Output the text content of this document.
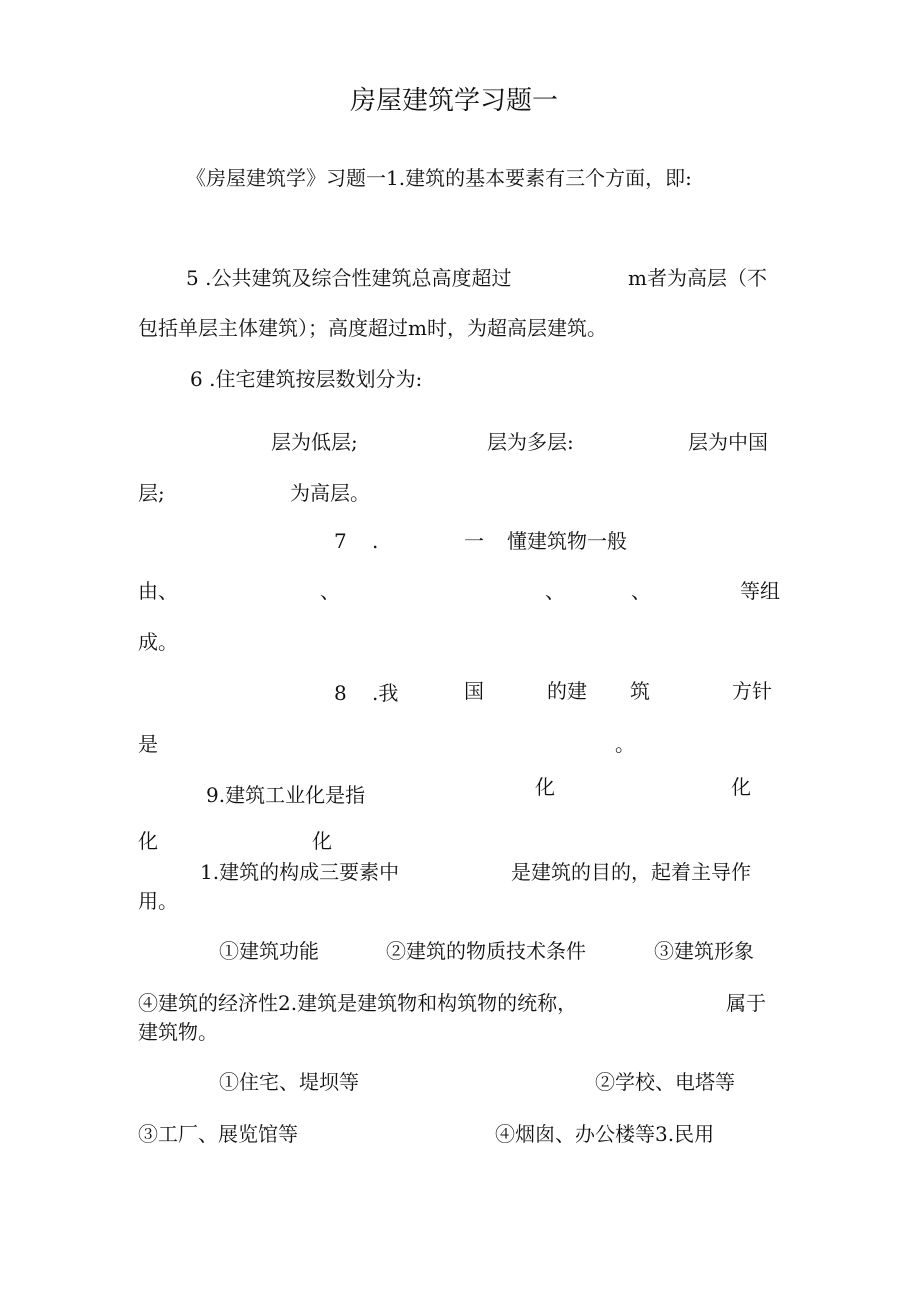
房屋建筑学习题一
《房屋建筑学》习题一1.建筑的基本要素有三个方面，即:
5 .公共建筑及综合性建筑总高度超过	m者为高层（不
包括单层主体建筑）；高度超过m时，为超高层建筑。
6 .住宅建筑按层数划分为:
层为低层;	层为多层:	层为中国
层;	为高层。
7 .	一 懂建筑物一般
由、	、	、	、	等组
成。
8 .我	国	的建 筑	方针
是	。
9.建筑工业化是指	化	化
化	化
1.建筑的构成三要素中	是建筑的目的，起着主导作
用。
①建筑功能	②建筑的物质技术条件	③建筑形象
④建筑的经济性2.建筑是建筑物和构筑物的统称，	属于
建筑物。
①住宅、堤坝等	②学校、电塔等
③工厂、展览馆等	④烟囱、办公楼等3.民用
